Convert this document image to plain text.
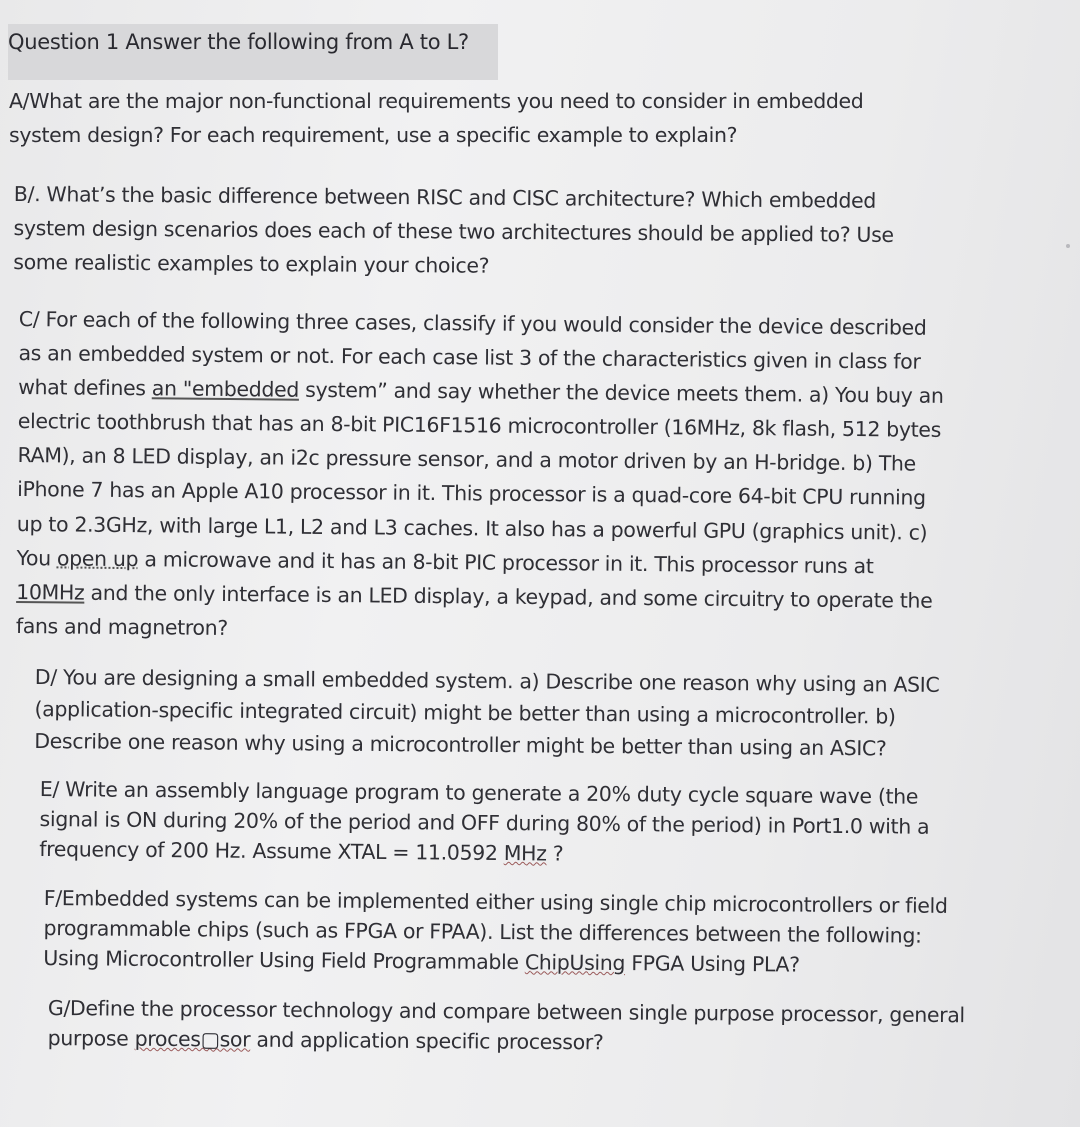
Question 1 Answer the following from A to L?
A/What are the major non-functional requirements you need to consider in embedded
system design? For each requirement, use a specific example to explain?
B/. What’s the basic difference between RISC and CISC architecture? Which embedded
system design scenarios does each of these two architectures should be applied to? Use
some realistic examples to explain your choice?
C/ For each of the following three cases, classify if you would consider the device described
as an embedded system or not. For each case list 3 of the characteristics given in class for
what defines an "embedded system” and say whether the device meets them. a) You buy an
electric toothbrush that has an 8-bit PIC16F1516 microcontroller (16MHz, 8k flash, 512 bytes
RAM), an 8 LED display, an i2c pressure sensor, and a motor driven by an H-bridge. b) The
iPhone 7 has an Apple A10 processor in it. This processor is a quad-core 64-bit CPU running
up to 2.3GHz, with large L1, L2 and L3 caches. It also has a powerful GPU (graphics unit). c)
You open up a microwave and it has an 8-bit PIC processor in it. This processor runs at
10MHz and the only interface is an LED display, a keypad, and some circuitry to operate the
fans and magnetron?
D/ You are designing a small embedded system. a) Describe one reason why using an ASIC
(application-specific integrated circuit) might be better than using a microcontroller. b)
Describe one reason why using a microcontroller might be better than using an ASIC?
E/ Write an assembly language program to generate a 20% duty cycle square wave (the
signal is ON during 20% of the period and OFF during 80% of the period) in Port1.0 with a
frequency of 200 Hz. Assume XTAL = 11.0592 MHz ?
F/Embedded systems can be implemented either using single chip microcontrollers or field
programmable chips (such as FPGA or FPAA). List the differences between the following:
Using Microcontroller Using Field Programmable ChipUsing FPGA Using PLA?
G/Define the processor technology and compare between single purpose processor, general
purpose proces▢sor and application specific processor?
